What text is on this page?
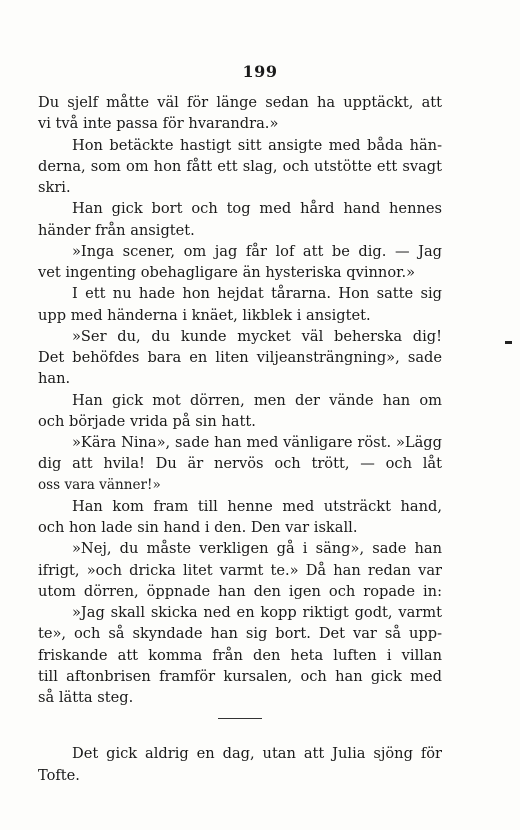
199
Du sjelf måtte väl för länge sedan ha upptäckt, att
vi två inte passa för hvarandra.»
Hon betäckte hastigt sitt ansigte med båda hän-
derna, som om hon fått ett slag, och utstötte ett svagt
skri.
Han gick bort och tog med hård hand hennes
händer från ansigtet.
»Inga scener, om jag får lof att be dig. — Jag
vet ingenting obehagligare än hysteriska qvinnor.»
I ett nu hade hon hejdat tårarna. Hon satte sig
upp med händerna i knäet, likblek i ansigtet.
»Ser du, du kunde mycket väl beherska dig!
Det behöfdes bara en liten viljeansträngning», sade
han.
Han gick mot dörren, men der vände han om
och började vrida på sin hatt.
»Kära Nina», sade han med vänligare röst. »Lägg
dig att hvila! Du är nervös och trött, — och låt
oss vara vänner!»
Han kom fram till henne med utsträckt hand,
och hon lade sin hand i den. Den var iskall.
»Nej, du måste verkligen gå i säng», sade han
ifrigt, »och dricka litet varmt te.» Då han redan var
utom dörren, öppnade han den igen och ropade in:
»Jag skall skicka ned en kopp riktigt godt, varmt
te», och så skyndade han sig bort. Det var så upp-
friskande att komma från den heta luften i villan
till aftonbrisen framför kursalen, och han gick med
så lätta steg.
Det gick aldrig en dag, utan att Julia sjöng för
Tofte.
